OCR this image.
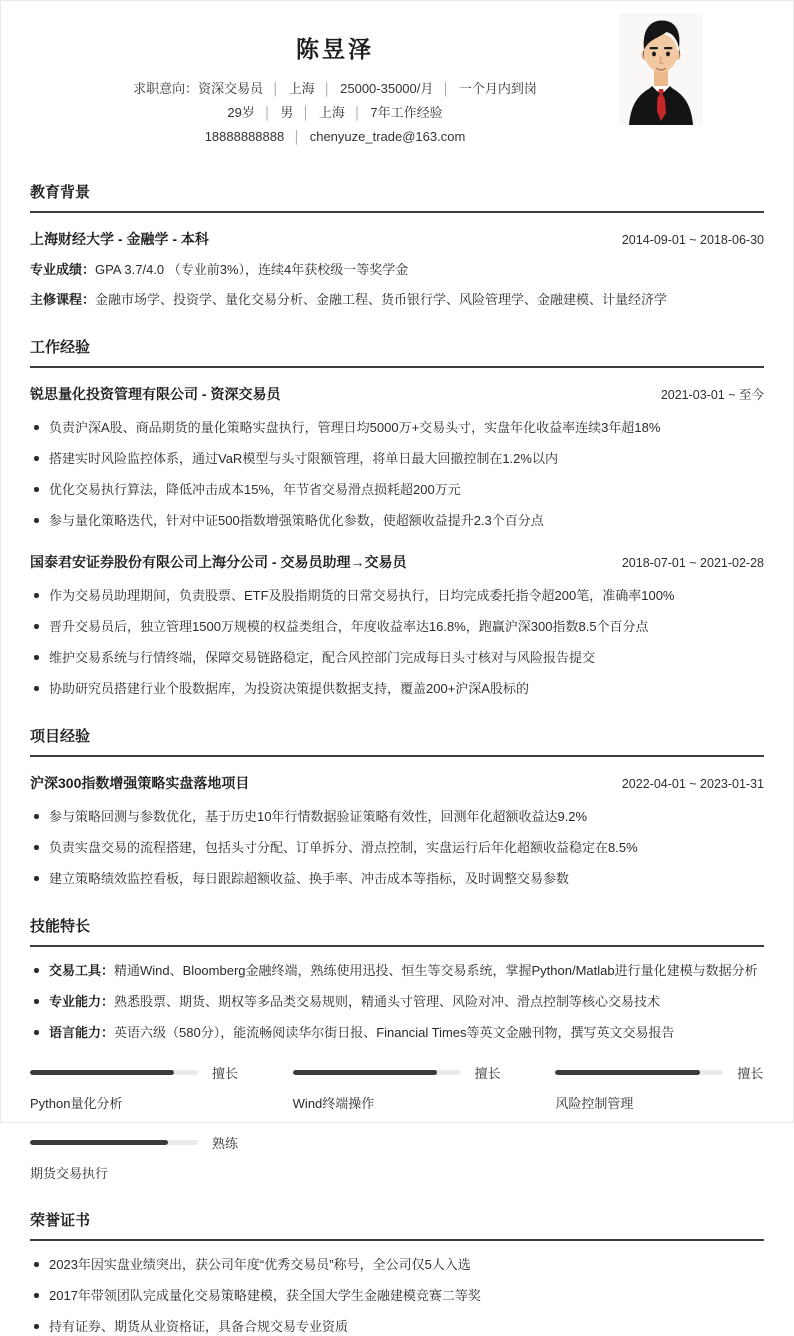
陈昱泽
求职意向：资深交易员 │ 上海 │ 25000-35000/月 │ 一个月内到岗
29岁 │ 男 │ 上海 │ 7年工作经验
18888888888 │ chenyuze_trade@163.com
教育背景
上海财经大学 - 金融学 - 本科	2014-09-01 ~ 2018-06-30
专业成绩：GPA 3.7/4.0 （专业前3%），连续4年获校级一等奖学金
主修课程：金融市场学、投资学、量化交易分析、金融工程、货币银行学、风险管理学、金融建模、计量经济学
工作经验
锐思量化投资管理有限公司 - 资深交易员	2021-03-01 ~ 至今
负责沪深A股、商品期货的量化策略实盘执行，管理日均5000万+交易头寸，实盘年化收益率连续3年超18%
搭建实时风险监控体系，通过VaR模型与头寸限额管理，将单日最大回撤控制在1.2%以内
优化交易执行算法，降低冲击成本15%，年节省交易滑点损耗超200万元
参与量化策略迭代，针对中证500指数增强策略优化参数，使超额收益提升2.3个百分点
国泰君安证券股份有限公司上海分公司 - 交易员助理→交易员	2018-07-01 ~ 2021-02-28
作为交易员助理期间，负责股票、ETF及股指期货的日常交易执行，日均完成委托指令超200笔，准确率100%
晋升交易员后，独立管理1500万规模的权益类组合，年度收益率达16.8%，跑赢沪深300指数8.5个百分点
维护交易系统与行情终端，保障交易链路稳定，配合风控部门完成每日头寸核对与风险报告提交
协助研究员搭建行业个股数据库，为投资决策提供数据支持，覆盖200+沪深A股标的
项目经验
沪深300指数增强策略实盘落地项目	2022-04-01 ~ 2023-01-31
参与策略回测与参数优化，基于历史10年行情数据验证策略有效性，回测年化超额收益达9.2%
负责实盘交易的流程搭建，包括头寸分配、订单拆分、滑点控制，实盘运行后年化超额收益稳定在8.5%
建立策略绩效监控看板，每日跟踪超额收益、换手率、冲击成本等指标，及时调整交易参数
技能特长
交易工具：精通Wind、Bloomberg金融终端，熟练使用迅投、恒生等交易系统，掌握Python/Matlab进行量化建模与数据分析
专业能力：熟悉股票、期货、期权等多品类交易规则，精通头寸管理、风险对冲、滑点控制等核心交易技术
语言能力：英语六级（580分），能流畅阅读华尔街日报、Financial Times等英文金融刊物，撰写英文交易报告
擅长
Python量化分析
擅长
Wind终端操作
擅长
风险控制管理
熟练
期货交易执行
荣誉证书
2023年因实盘业绩突出，获公司年度“优秀交易员”称号，全公司仅5人入选
2017年带领团队完成量化交易策略建模，获全国大学生金融建模竞赛二等奖
持有证券、期货从业资格证，具备合规交易专业资质
